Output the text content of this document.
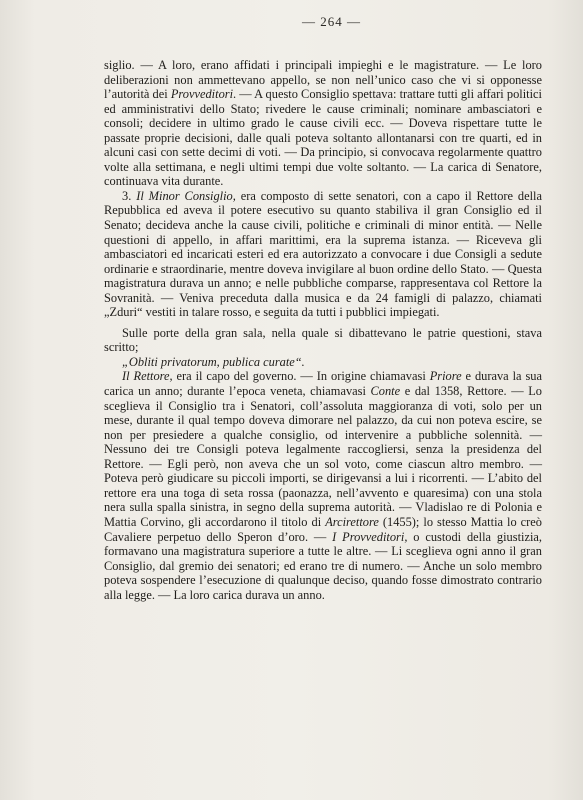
— 264 —

siglio. — A loro, erano affidati i principali impieghi e le magistrature. — Le loro deliberazioni non ammettevano appello, se non nell’unico caso che vi si opponesse l’autorità dei Provveditori. — A questo Consiglio spettava: trattare tutti gli affari politici ed amministrativi dello Stato; rivedere le cause criminali; nominare ambasciatori e consoli; decidere in ultimo grado le cause civili ecc. — Doveva rispettare tutte le passate proprie decisioni, dalle quali poteva soltanto allontanarsi con tre quarti, ed in alcuni casi con sette decimi di voti. — Da principio, si convocava regolarmente quattro volte alla settimana, e negli ultimi tempi due volte soltanto. — La carica di Senatore, continuava vita durante.

3. Il Minor Consiglio, era composto di sette senatori, con a capo il Rettore della Repubblica ed aveva il potere esecutivo su quanto stabiliva il gran Consiglio ed il Senato; decideva anche la cause civili, politiche e criminali di minor entità. — Nelle questioni di appello, in affari marittimi, era la suprema istanza. — Riceveva gli ambasciatori ed incaricati esteri ed era autorizzato a convocare i due Consigli a sedute ordinarie e straordinarie, mentre doveva invigilare al buon ordine dello Stato. — Questa magistratura durava un anno; e nelle pubbliche comparse, rappresentava col Rettore la Sovranità. — Veniva preceduta dalla musica e da 24 famigli di palazzo, chiamati „Zduri“ vestiti in talare rosso, e seguita da tutti i pubblici impiegati.

Sulle porte della gran sala, nella quale si dibattevano le patrie questioni, stava scritto;

„Obliti privatorum, publica curate“.

Il Rettore, era il capo del governo. — In origine chiamavasi Priore e durava la sua carica un anno; durante l’epoca veneta, chiamavasi Conte e dal 1358, Rettore. — Lo sceglieva il Consiglio tra i Senatori, coll’assoluta maggioranza di voti, solo per un mese, durante il qual tempo doveva dimorare nel palazzo, da cui non poteva escire, se non per presiedere a qualche consiglio, od intervenire a pubbliche solennità. — Nessuno dei tre Consigli poteva legalmente raccogliersi, senza la presidenza del Rettore. — Egli però, non aveva che un sol voto, come ciascun altro membro. — Poteva però giudicare su piccoli importi, se dirigevansi a lui i ricorrenti. — L’abito del rettore era una toga di seta rossa (paonazza, nell’avvento e quaresima) con una stola nera sulla spalla sinistra, in segno della suprema autorità. — Vladislao re di Polonia e Mattia Corvino, gli accordarono il titolo di Arcirettore (1455); lo stesso Mattia lo creò Cavaliere perpetuo dello Speron d’oro. — I Provveditori, o custodi della giustizia, formavano una magistratura superiore a tutte le altre. — Li sceglieva ogni anno il gran Consiglio, dal gremio dei senatori; ed erano tre di numero. — Anche un solo membro poteva sospendere l’esecuzione di qualunque deciso, quando fosse dimostrato contrario alla legge. — La loro carica durava un anno.
